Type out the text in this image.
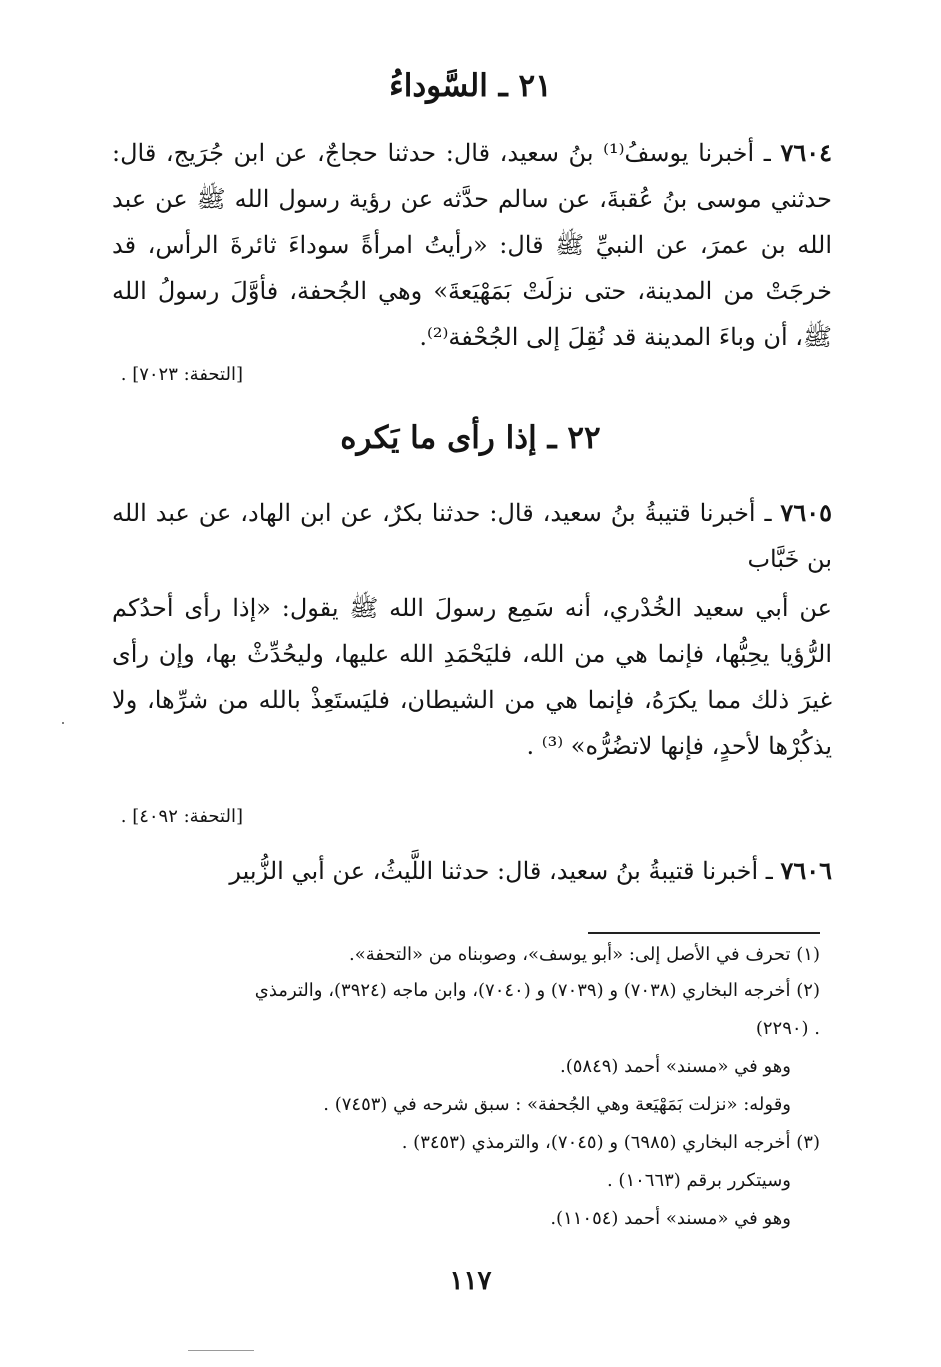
٢١ ـ السَّوداءُ

٧٦٠٤ ـ أخبرنا يوسفُ⁽¹⁾ بنُ سعيد، قال: حدثنا حجاجٌ، عن ابن جُرَيج، قال: حدثني موسى بنُ عُقبةَ، عن سالم حدَّثه عن رؤية رسول الله ﷺ عن عبد الله بن عمرَ، عن النبيِّ ﷺ قال: «رأيتُ امرأةً سوداءَ ثائرةَ الرأس، قد خرجَتْ من المدينة، حتى نزلَتْ بَمَهْيَعةَ» وهي الجُحفة، فأوَّلَ رسولُ الله ﷺ، أن وباءَ المدينة قد نُقِلَ إلى الجُحْفة⁽²⁾.

[التحفة: ٧٠٢٣] .
٢٢ ـ إذا رأى ما يَكره

٧٦٠٥ ـ أخبرنا قتيبةُ بنُ سعيد، قال: حدثنا بكرٌ، عن ابن الهاد، عن عبد الله بن خَبَّاب

عن أبي سعيد الخُدْري، أنه سَمِع رسولَ الله ﷺ يقول: «إذا رأى أحدُكم الرُّؤيا يحِبُّها، فإنما هي من الله، فليَحْمَدِ الله عليها، وليحُدِّثْ بها، وإن رأى غيرَ ذلك مما يكرَهُ، فإنما هي من الشيطان، فليَستَعِذْ بالله من شرِّها، ولا يذكُرْها لأحدٍ، فإنها لاتضُرُّه» ⁽³⁾ .

[التحفة: ٤٠٩٢] .

٧٦٠٦ ـ أخبرنا قتيبةُ بنُ سعيد، قال: حدثنا اللَّيثُ، عن أبي الزُّبير

(١) تحرف في الأصل إلى: «أبو يوسف»، وصوبناه من «التحفة».

(٢) أخرجه البخاري (٧٠٣٨) و (٧٠٣٩) و (٧٠٤٠)، وابن ماجه (٣٩٢٤)، والترمذي

(٢٢٩٠) .

وهو في «مسند» أحمد (٥٨٤٩).

وقوله: «نزلت بَمَهْيَعة وهي الجُحفة» : سبق شرحه في (٧٤٥٣) .

(٣) أخرجه البخاري (٦٩٨٥) و (٧٠٤٥)، والترمذي (٣٤٥٣) .

وسيتكرر برقم (١٠٦٦٣) .

وهو في «مسند» أحمد (١١٠٥٤).

١١٧
